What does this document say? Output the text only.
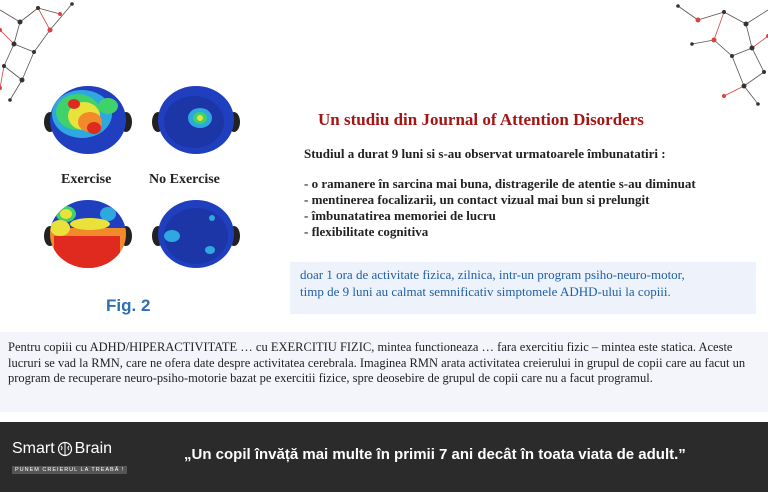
Exercise	No Exercise
Fig. 2
Un studiu din Journal of Attention Disorders
Studiul a durat 9 luni si s-au observat urmatoarele îmbunatatiri :
- o ramanere în sarcina mai buna, distragerile de atentie s-au diminuat
- mentinerea focalizarii, un contact vizual mai bun si prelungit
- îmbunatatirea memoriei de lucru
- flexibilitate cognitiva
doar 1 ora de activitate fizica, zilnica, intr-un program psiho-neuro-motor,
timp de 9 luni au calmat semnificativ simptomele ADHD-ului la copiii.
Pentru copiii cu ADHD/HIPERACTIVITATE … cu EXERCITIU FIZIC, mintea functioneaza … fara exercitiu fizic – mintea este statica. Aceste lucruri se vad la RMN, care ne ofera date despre activitatea cerebrala. Imaginea RMN arata activitatea creierului in grupul de copii care au facut un program de recuperare neuro-psiho-motorie bazat pe exercitii fizice, spre deosebire de grupul de copii care nu a facut programul.
Smart Brain
PUNEM CREIERUL LA TREABĂ !
„Un copil învăță mai multe în primii 7 ani decât în toata viata de adult.”
